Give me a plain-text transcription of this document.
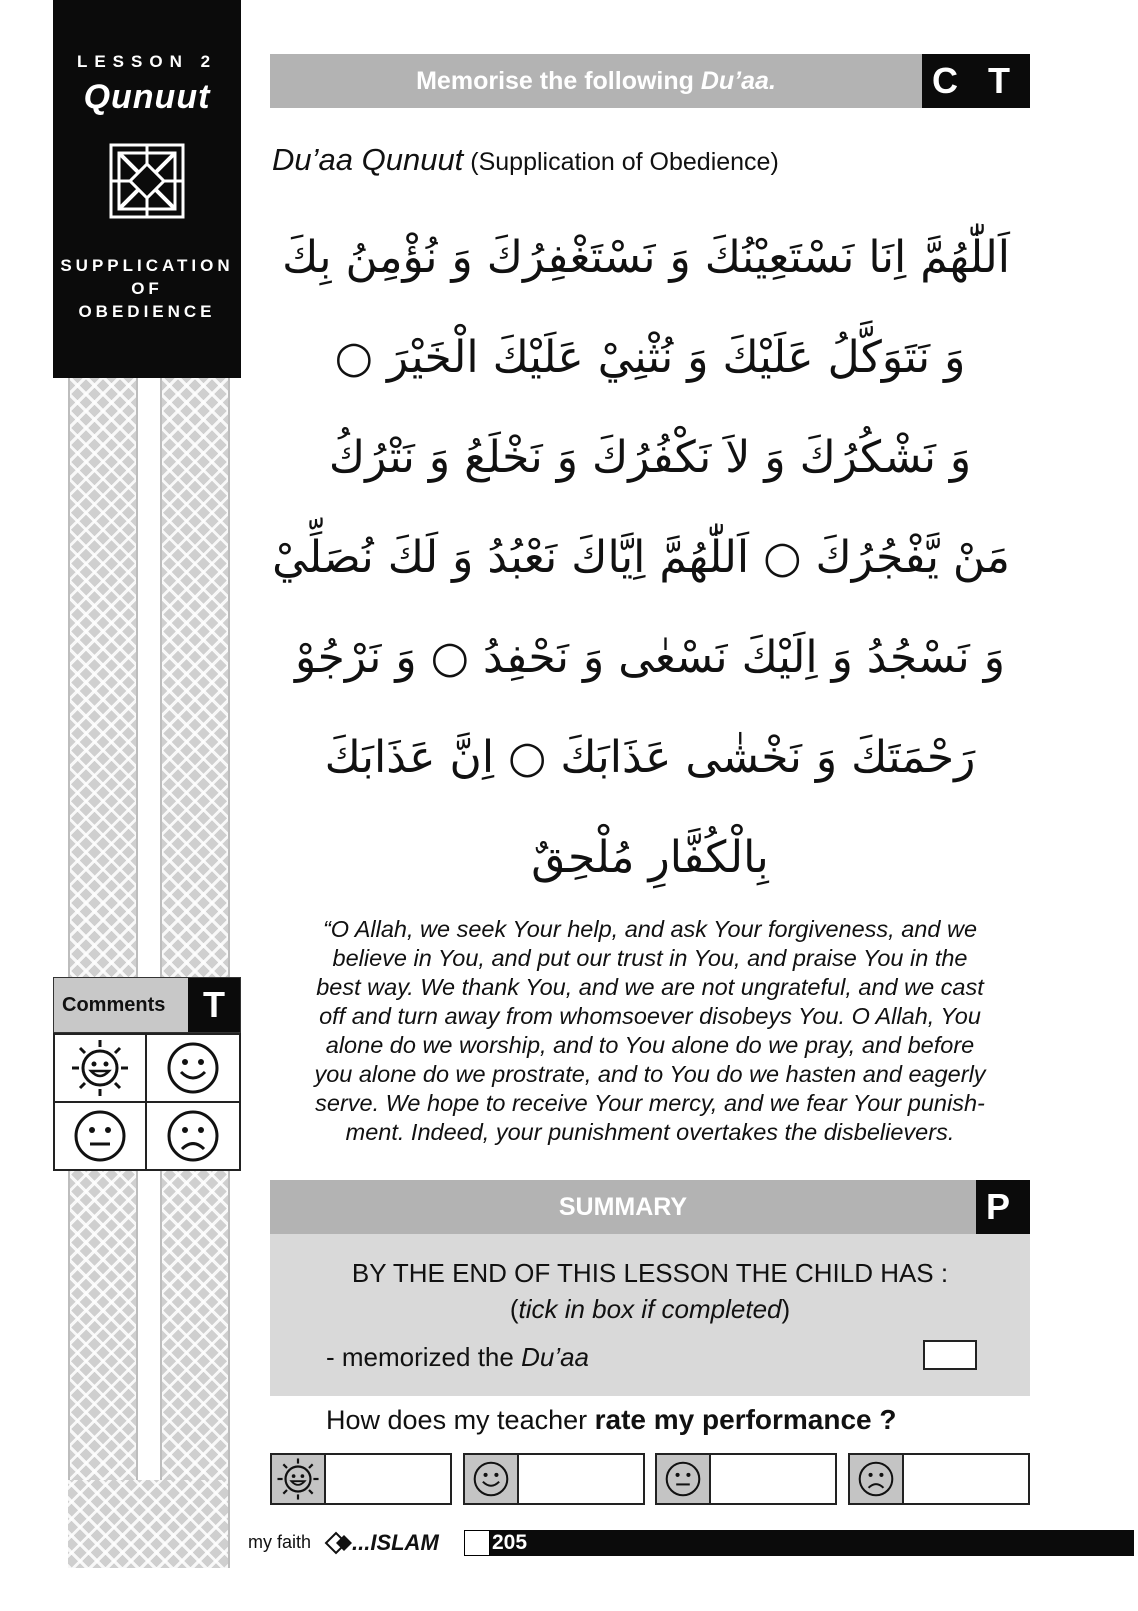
LESSON 2
Qunuut
SUPPLICATION
OF
OBEDIENCE
Comments	T
Memorise the following Du’aa.	C T
Du’aa Qunuut (Supplication of Obedience)
اَللّٰهُمَّ اِنَا نَسْتَعِيْنُكَ وَ نَسْتَغْفِرُكَ وَ نُؤْمِنُ بِكَ
وَ نَتَوَكَّلُ عَلَيْكَ وَ نُثْنِيْ عَلَيْكَ الْخَيْرَ ○
وَ نَشْكُرُكَ وَ لاَ نَكْفُرُكَ وَ نَخْلَعُ وَ نَتْرُكُ
مَنْ يَّفْجُرُكَ ○ اَللّٰهُمَّ اِيَّاكَ نَعْبُدُ وَ لَكَ نُصَلِّيْ
وَ نَسْجُدُ وَ اِلَيْكَ نَسْعٰى وَ نَحْفِدُ ○ وَ نَرْجُوْ
رَحْمَتَكَ وَ نَخْشٰى عَذَابَكَ ○ اِنَّ عَذَابَكَ
بِالْكُفَّارِ مُلْحِقٌ
“O Allah, we seek Your help, and ask Your forgiveness, and we
believe in You, and put our trust in You, and praise You in the
best way. We thank You, and we are not ungrateful, and we cast
off and turn away from whomsoever disobeys You. O Allah, You
alone do we worship, and to You alone do we pray, and before
you alone do we prostrate, and to You do we hasten and eagerly
serve. We hope to receive Your mercy, and we fear Your punish-
ment. Indeed, your punishment overtakes the disbelievers.
SUMMARY	P
BY THE END OF THIS LESSON THE CHILD HAS :
(tick in box if completed)
- memorized the Du’aa
How does my teacher rate my performance ?
my faith ...ISLAM	205
